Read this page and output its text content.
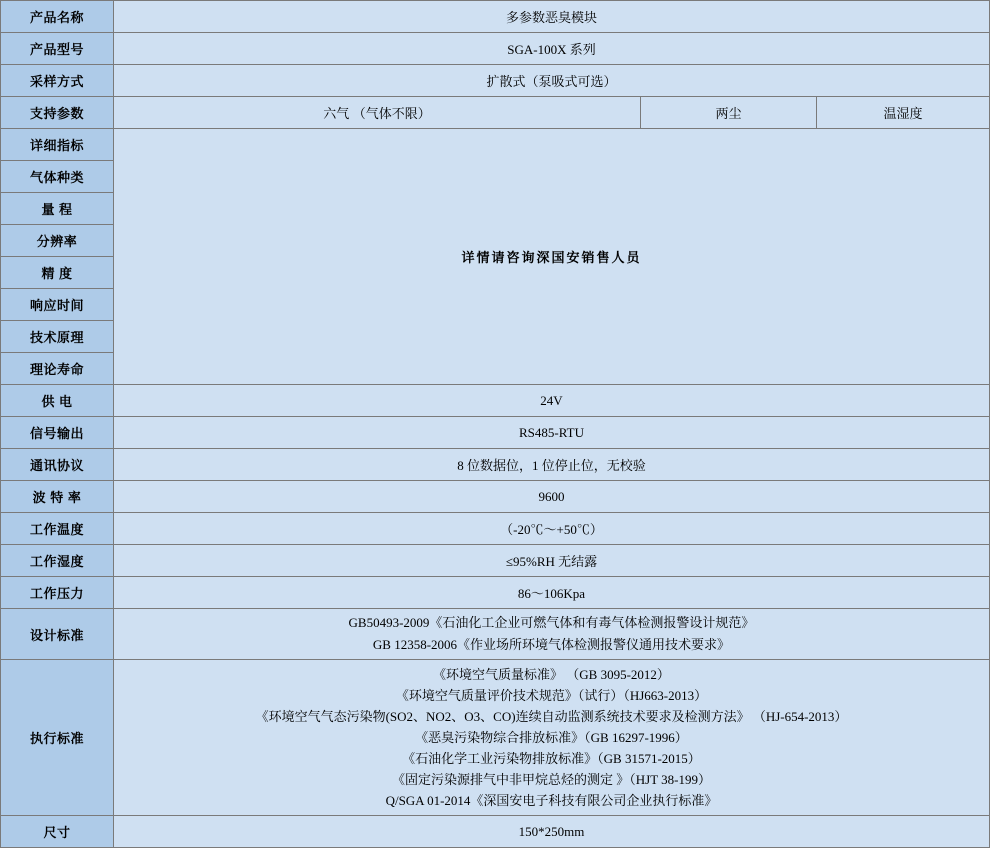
产品名称	多参数恶臭模块		
产品型号	SGA-100X 系列		
采样方式	扩散式（泵吸式可选）		
支持参数	六气 （气体不限）	两尘	温湿度
详细指标	详情请咨询深国安销售人员		
气体种类			
量 程			
分辨率			
精 度			
响应时间			
技术原理			
理论寿命			
供 电	24V		
信号输出	RS485-RTU		
通讯协议	8 位数据位，1 位停止位，无校验		
波 特 率	9600		
工作温度	（-20℃～+50℃）		
工作湿度	≤95%RH 无结露		
工作压力	86～106Kpa		
设计标准	GB50493-2009《石油化工企业可燃气体和有毒气体检测报警设计规范》
GB 12358-2006《作业场所环境气体检测报警仪通用技术要求》		

执行标准	
《环境空气质量标准》 （GB 3095-2012）
《环境空气质量评价技术规范》（试行）（HJ663-2013）
《环境空气气态污染物(SO2、NO2、O3、CO)连续自动监测系统技术要求及检测方法》 （HJ-654-2013）
《恶臭污染物综合排放标准》（GB 16297-1996）
《石油化学工业污染物排放标准》（GB 31571-2015）
《固定污染源排气中非甲烷总烃的测定 》（HJT 38-199）
Q/SGA 01-2014《深国安电子科技有限公司企业执行标准》

尺寸	150*250mm		
